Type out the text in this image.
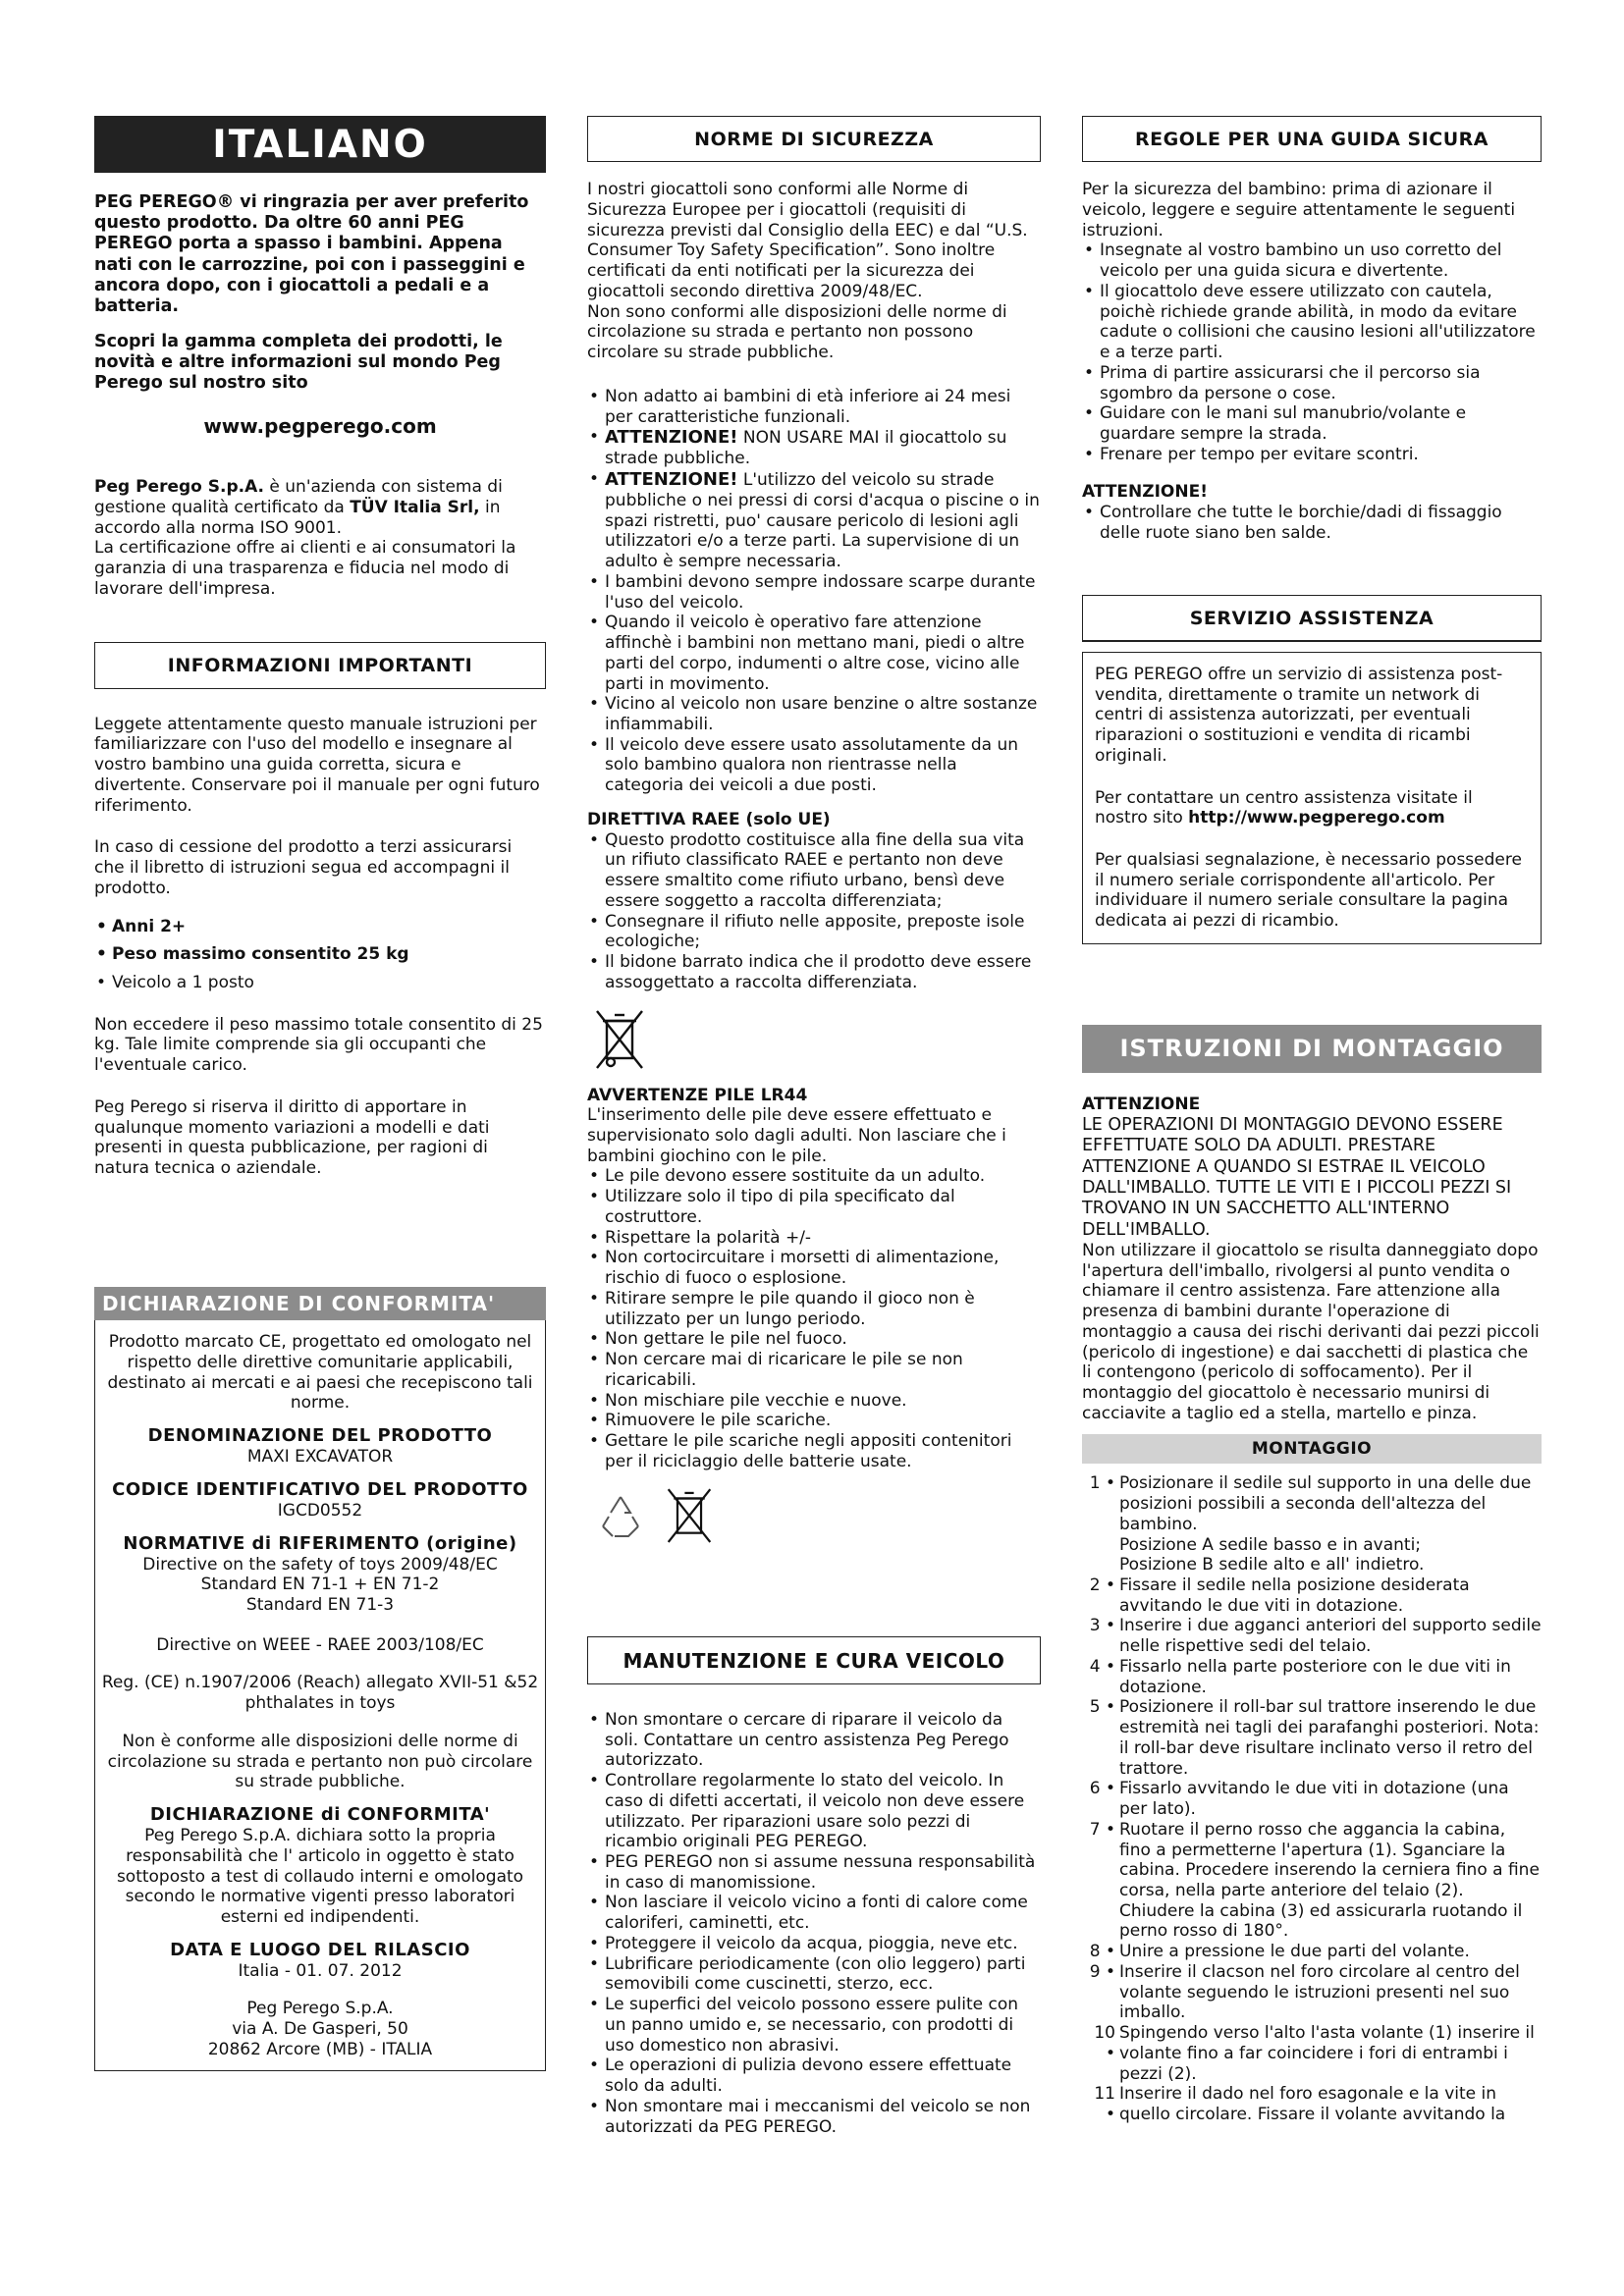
ITALIANO

PEG PEREGO® vi ringrazia per aver preferito questo prodotto. Da oltre 60 anni PEG PEREGO porta a spasso i bambini. Appena nati con le carrozzine, poi con i passeggini e ancora dopo, con i giocattoli a pedali e a batteria.

Scopri la gamma completa dei prodotti, le novità e altre informazioni sul mondo Peg Perego sul nostro sito

www.pegperego.com

Peg Perego S.p.A. è un'azienda con sistema di gestione qualità certificato da TÜV Italia Srl, in accordo alla norma ISO 9001.

La certificazione offre ai clienti e ai consumatori la garanzia di una trasparenza e fiducia nel modo di lavorare dell'impresa.

INFORMAZIONI IMPORTANTI

Leggete attentamente questo manuale istruzioni per familiarizzare con l'uso del modello e insegnare al vostro bambino una guida corretta, sicura e divertente. Conservare poi il manuale per ogni futuro riferimento.

In caso di cessione del prodotto a terzi assicurarsi che il libretto di istruzioni segua ed accompagni il prodotto.

• Anni 2+
• Peso massimo consentito 25 kg
• Veicolo a 1 posto

Non eccedere il peso massimo totale consentito di 25 kg. Tale limite comprende sia gli occupanti che l'eventuale carico.

Peg Perego si riserva il diritto di apportare in qualunque momento variazioni a modelli e dati presenti in questa pubblicazione, per ragioni di natura tecnica o aziendale.

DICHIARAZIONE DI CONFORMITA'

Prodotto marcato CE, progettato ed omologato nel rispetto delle direttive comunitarie applicabili, destinato ai mercati e ai paesi che recepiscono tali norme.

DENOMINAZIONE DEL PRODOTTO

MAXI EXCAVATOR

CODICE IDENTIFICATIVO DEL PRODOTTO

IGCD0552

NORMATIVE di RIFERIMENTO (origine)
Directive on the safety of toys 2009/48/EC
Standard EN 71-1 + EN 71-2

Standard EN 71-3

Directive on WEEE - RAEE 2003/108/EC

Reg. (CE) n.1907/2006 (Reach) allegato XVII-51 &52 phthalates in toys

Non è conforme alle disposizioni delle norme di circolazione su strada e pertanto non può circolare su strade pubbliche.

DICHIARAZIONE di CONFORMITA'

Peg Perego S.p.A. dichiara sotto la propria responsabilità che l' articolo in oggetto è stato sottoposto a test di collaudo interni e omologato secondo le normative vigenti presso laboratori esterni ed indipendenti.

DATA E LUOGO DEL RILASCIO

Italia - 01. 07. 2012

Peg Perego S.p.A.
via A. De Gasperi, 50
20862 Arcore (MB) - ITALIA
NORME DI SICUREZZA

I nostri giocattoli sono conformi alle Norme di Sicurezza Europee per i giocattoli (requisiti di sicurezza previsti dal Consiglio della EEC) e dal “U.S. Consumer Toy Safety Specification”. Sono inoltre certificati da enti notificati per la sicurezza dei giocattoli secondo direttiva 2009/48/EC.

Non sono conformi alle disposizioni delle norme di circolazione su strada e pertanto non possono circolare su strade pubbliche.

• Non adatto ai bambini di età inferiore ai 24 mesi per caratteristiche funzionali.
• ATTENZIONE! NON USARE MAI il giocattolo su strade pubbliche.
• ATTENZIONE! L'utilizzo del veicolo su strade pubbliche o nei pressi di corsi d'acqua o piscine o in spazi ristretti, puo' causare pericolo di lesioni agli utilizzatori e/o a terze parti. La supervisione di un adulto è sempre necessaria.
• I bambini devono sempre indossare scarpe durante l'uso del veicolo.
• Quando il veicolo è operativo fare attenzione affinchè i bambini non mettano mani, piedi o altre parti del corpo, indumenti o altre cose, vicino alle parti in movimento.
• Vicino al veicolo non usare benzine o altre sostanze infiammabili.
• Il veicolo deve essere usato assolutamente da un solo bambino qualora non rientrasse nella categoria dei veicoli a due posti.
DIRETTIVA RAEE (solo UE)
• Questo prodotto costituisce alla fine della sua vita un rifiuto classificato RAEE e pertanto non deve essere smaltito come rifiuto urbano, bensì deve essere soggetto a raccolta differenziata;
• Consegnare il rifiuto nelle apposite, preposte isole ecologiche;
• Il bidone barrato indica che il prodotto deve essere assoggettato a raccolta differenziata.
AVVERTENZE PILE LR44

L'inserimento delle pile deve essere effettuato e supervisionato solo dagli adulti. Non lasciare che i bambini giochino con le pile.

• Le pile devono essere sostituite da un adulto.
• Utilizzare solo il tipo di pila specificato dal costruttore.
• Rispettare la polarità +/-
• Non cortocircuitare i morsetti di alimentazione, rischio di fuoco o esplosione.
• Ritirare sempre le pile quando il gioco non è utilizzato per un lungo periodo.
• Non gettare le pile nel fuoco.
• Non cercare mai di ricaricare le pile se non ricaricabili.
• Non mischiare pile vecchie e nuove.
• Rimuovere le pile scariche.
• Gettare le pile scariche negli appositi contenitori per il riciclaggio delle batterie usate.

MANUTENZIONE E CURA VEICOLO
• Non smontare o cercare di riparare il veicolo da soli. Contattare un centro assistenza Peg Perego autorizzato.
• Controllare regolarmente lo stato del veicolo. In caso di difetti accertati, il veicolo non deve essere utilizzato. Per riparazioni usare solo pezzi di ricambio originali PEG PEREGO.
• PEG PEREGO non si assume nessuna responsabilità in caso di manomissione.
• Non lasciare il veicolo vicino a fonti di calore come caloriferi, caminetti, etc.
• Proteggere il veicolo da acqua, pioggia, neve etc.
• Lubrificare periodicamente (con olio leggero) parti semovibili come cuscinetti, sterzo, ecc.
• Le superfici del veicolo possono essere pulite con un panno umido e, se necessario, con prodotti di uso domestico non abrasivi.
• Le operazioni di pulizia devono essere effettuate solo da adulti.
• Non smontare mai i meccanismi del veicolo se non autorizzati da PEG PEREGO.
REGOLE PER UNA GUIDA SICURA

Per la sicurezza del bambino: prima di azionare il veicolo, leggere e seguire attentamente le seguenti istruzioni.

• Insegnate al vostro bambino un uso corretto del veicolo per una guida sicura e divertente.
• Il giocattolo deve essere utilizzato con cautela, poichè richiede grande abilità, in modo da evitare cadute o collisioni che causino lesioni all'utilizzatore e a terze parti.
• Prima di partire assicurarsi che il percorso sia sgombro da persone o cose.
• Guidare con le mani sul manubrio/volante e guardare sempre la strada.
• Frenare per tempo per evitare scontri.
ATTENZIONE!
• Controllare che tutte le borchie/dadi di fissaggio delle ruote siano ben salde.
SERVIZIO ASSISTENZA

PEG PEREGO offre un servizio di assistenza post-vendita, direttamente o tramite un network di centri di assistenza autorizzati, per eventuali riparazioni o sostituzioni e vendita di ricambi originali.

Per contattare un centro assistenza visitate il nostro sito http://www.pegperego.com

Per qualsiasi segnalazione, è necessario possedere il numero seriale corrispondente all'articolo. Per individuare il numero seriale consultare la pagina dedicata ai pezzi di ricambio.

ISTRUZIONI DI MONTAGGIO
ATTENZIONE

LE OPERAZIONI DI MONTAGGIO DEVONO ESSERE EFFETTUATE SOLO DA ADULTI. PRESTARE ATTENZIONE A QUANDO SI ESTRAE IL VEICOLO DALL'IMBALLO. TUTTE LE VITI E I PICCOLI PEZZI SI TROVANO IN UN SACCHETTO ALL'INTERNO DELL'IMBALLO.

Non utilizzare il giocattolo se risulta danneggiato dopo l'apertura dell'imballo, rivolgersi al punto vendita o chiamare il centro assistenza. Fare attenzione alla presenza di bambini durante l'operazione di montaggio a causa dei rischi derivanti dai pezzi piccoli (pericolo di ingestione) e dai sacchetti di plastica che li contengono (pericolo di soffocamento). Per il montaggio del giocattolo è necessario munirsi di cacciavite a taglio ed a stella, martello e pinza.

MONTAGGIO
1 • Posizionare il sedile sul supporto in una delle due posizioni possibili a seconda dell'altezza del bambino.
Posizione A sedile basso e in avanti;
Posizione B sedile alto e all' indietro.
2 • Fissare il sedile nella posizione desiderata avvitando le due viti in dotazione.
3 • Inserire i due agganci anteriori del supporto sedile nelle rispettive sedi del telaio.
4 • Fissarlo nella parte posteriore con le due viti in dotazione.
5 • Posizionere il roll-bar sul trattore inserendo le due estremità nei tagli dei parafanghi posteriori. Nota: il roll-bar deve risultare inclinato verso il retro del trattore.
6 • Fissarlo avvitando le due viti in dotazione (una per lato).
7 • Ruotare il perno rosso che aggancia la cabina, fino a permetterne l'apertura (1). Sganciare la cabina. Procedere inserendo la cerniera fino a fine corsa, nella parte anteriore del telaio (2). Chiudere la cabina (3) ed assicurarla ruotando il perno rosso di 180°.
8 • Unire a pressione le due parti del volante.
9 • Inserire il clacson nel foro circolare al centro del volante seguendo le istruzioni presenti nel suo imballo.
10 •
Spingendo verso l'alto l'asta volante (1) inserire il volante fino a far coincidere i fori di entrambi i pezzi (2).
11 •
Inserire il dado nel foro esagonale e la vite in quello circolare. Fissare il volante avvitando la
